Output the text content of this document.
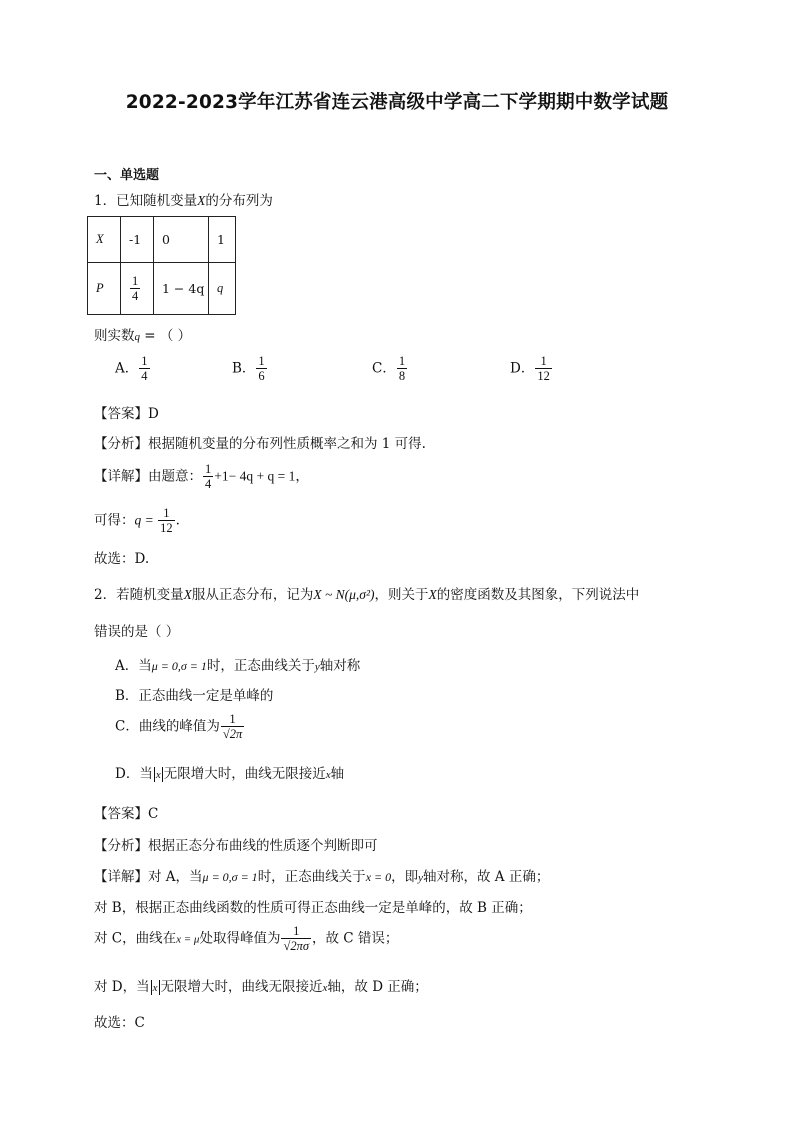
2022-2023学年江苏省连云港高级中学高二下学期期中数学试题
一、单选题
1．已知随机变量X的分布列为
X	-1	0	1
P	$\frac{1}{4}$	1 − 4q	q
则实数q = （ ）
A． $\frac{1}{4}$	B． $\frac{1}{6}$	C． $\frac{1}{8}$	D． $\frac{1}{12}$
【答案】D
【分析】根据随机变量的分布列性质概率之和为 1 可得.
【详解】由题意： $\frac{1}{4} +1- 4q + q = 1$，
可得：$q = \frac{1}{12}$ .
故选：D.
2．若随机变量X服从正态分布，记为X ~ N(μ,σ²)，则关于X的密度函数及其图象，下列说法中
错误的是（ ）
A．当μ = 0,σ = 1时，正态曲线关于y轴对称
B．正态曲线一定是单峰的
C．曲线的峰值为 $\frac{1}{√2\pi}$
D．当 x 无限增大时，曲线无限接近x轴
【答案】C
【分析】根据正态分布曲线的性质逐个判断即可
【详解】对 A，当μ = 0,σ = 1时，正态曲线关于x = 0，即y轴对称，故 A 正确；
对 B，根据正态曲线函数的性质可得正态曲线一定是单峰的，故 B 正确；
对 C，曲线在x = μ处取得峰值为 $\frac{1}{√2\pi\sigma}$ ，故 C 错误；
对 D，当 x 无限增大时，曲线无限接近x轴，故 D 正确；
故选：C
